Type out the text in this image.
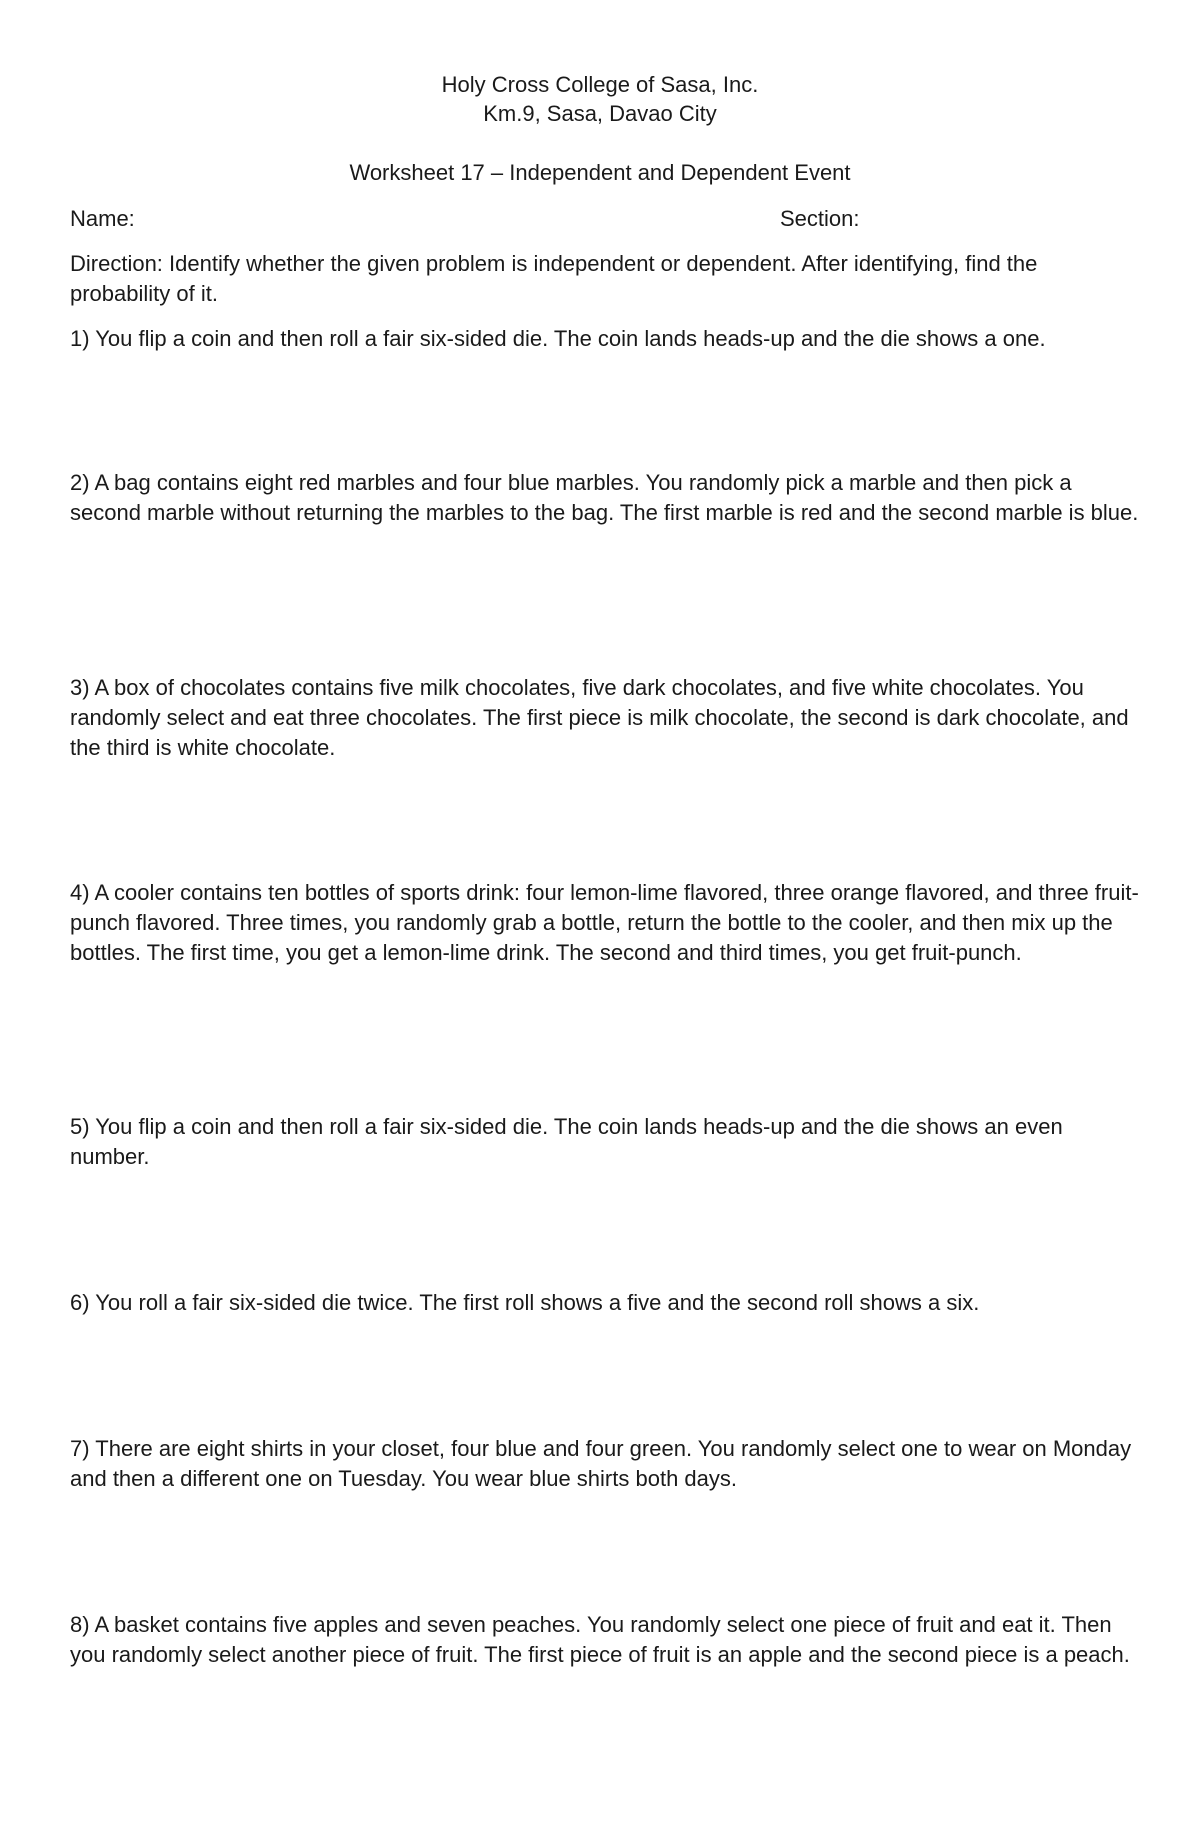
Holy Cross College of Sasa, Inc.
Km.9, Sasa, Davao City
Worksheet 17 – Independent and Dependent Event
Name:	Section:
Direction: Identify whether the given problem is independent or dependent. After identifying, find the probability of it.
1) You flip a coin and then roll a fair six-sided die. The coin lands heads-up and the die shows a one.
2) A bag contains eight red marbles and four blue marbles. You randomly pick a marble and then pick a second marble without returning the marbles to the bag. The first marble is red and the second marble is blue.
3) A box of chocolates contains five milk chocolates, five dark chocolates, and five white chocolates. You randomly select and eat three chocolates. The first piece is milk chocolate, the second is dark chocolate, and the third is white chocolate.
4) A cooler contains ten bottles of sports drink: four lemon-lime flavored, three orange flavored, and three fruit-punch flavored. Three times, you randomly grab a bottle, return the bottle to the cooler, and then mix up the bottles. The first time, you get a lemon-lime drink. The second and third times, you get fruit-punch.
5) You flip a coin and then roll a fair six-sided die. The coin lands heads-up and the die shows an even number.
6) You roll a fair six-sided die twice. The first roll shows a five and the second roll shows a six.
7) There are eight shirts in your closet, four blue and four green. You randomly select one to wear on Monday and then a different one on Tuesday. You wear blue shirts both days.
8) A basket contains five apples and seven peaches. You randomly select one piece of fruit and eat it. Then you randomly select another piece of fruit. The first piece of fruit is an apple and the second piece is a peach.
